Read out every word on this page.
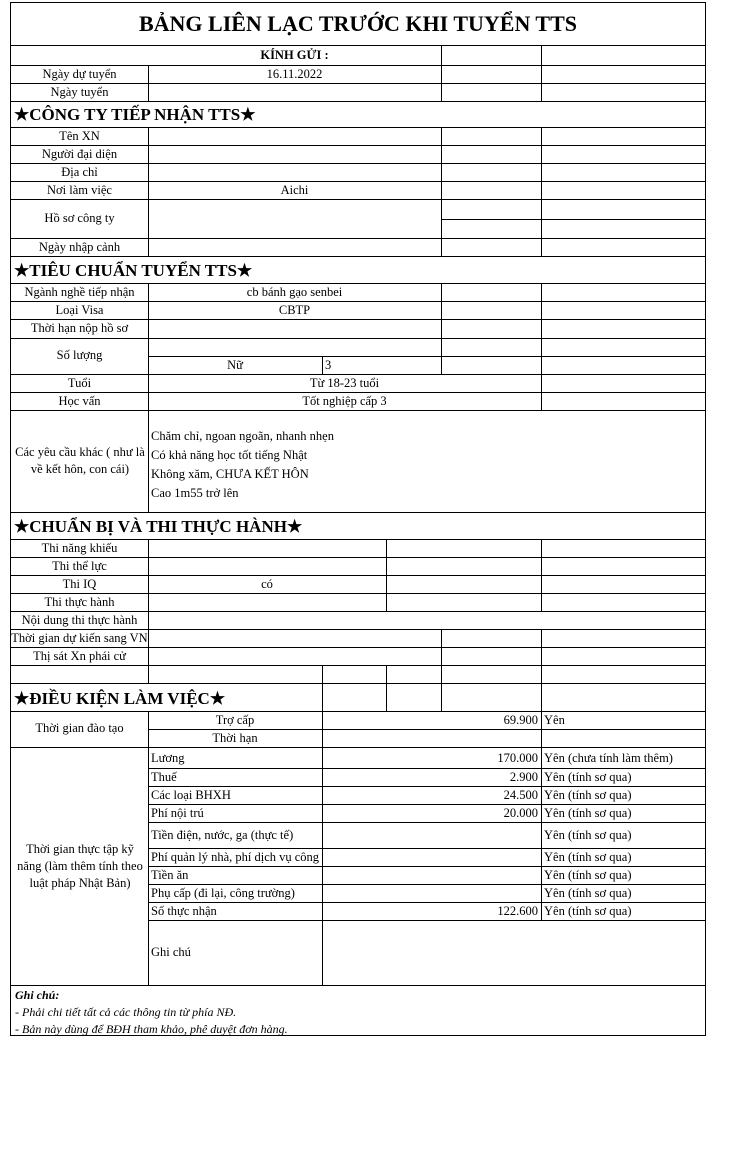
BẢNG LIÊN LẠC TRƯỚC KHI TUYỂN TTS
KÍNH GỬI :
Ngày dự tuyển	16.11.2022
Ngày tuyển
★CÔNG TY TIẾP NHẬN TTS★
Tên XN
Người đại diện
Địa chỉ
Nơi làm việc	Aichi
Hồ sơ công ty
Ngày nhập cảnh
★TIÊU CHUẨN TUYỂN TTS★
Ngành nghề tiếp nhận	cb bánh gạo senbei
Loại Visa	CBTP
Thời hạn nộp hồ sơ
Số lượng
Nữ	3
Tuổi	Từ 18-23 tuổi
Học vấn	Tốt nghiệp cấp 3
Các yêu cầu khác ( như là về kết hôn, con cái)
Chăm chỉ, ngoan ngoãn, nhanh nhẹn
Có khả năng học tốt tiếng Nhật
Không xăm, CHƯA KẾT HÔN
Cao 1m55 trở lên
★CHUẨN BỊ VÀ THI THỰC HÀNH★
Thi năng khiếu
Thi thể lực
Thi IQ	có
Thi thực hành
Nội dung thi thực hành
Thời gian dự kiến sang VN
Thị sát Xn phái cử
★ĐIỀU KIỆN LÀM VIỆC★
Thời gian đào tạo
Trợ cấp	69.900 Yên
Thời hạn
Thời gian thực tập kỹ năng (làm thêm tính theo luật pháp Nhật Bản)
Lương	170.000 Yên (chưa tính làm thêm)
Thuế	2.900 Yên (tính sơ qua)
Các loại BHXH	24.500 Yên (tính sơ qua)
Phí nội trú	20.000 Yên (tính sơ qua)
Tiền điện, nước, ga (thực tế)	Yên (tính sơ qua)
Phí quản lý nhà, phí dịch vụ công	Yên (tính sơ qua)
Tiền ăn	Yên (tính sơ qua)
Phụ cấp (đi lại, công trường)	Yên (tính sơ qua)
Số thực nhận	122.600 Yên (tính sơ qua)
Ghi chú
Ghi chú:
- Phải chi tiết tất cả các thông tin từ phía NĐ.
- Bản này dùng để BĐH tham khảo, phê duyệt đơn hàng.
